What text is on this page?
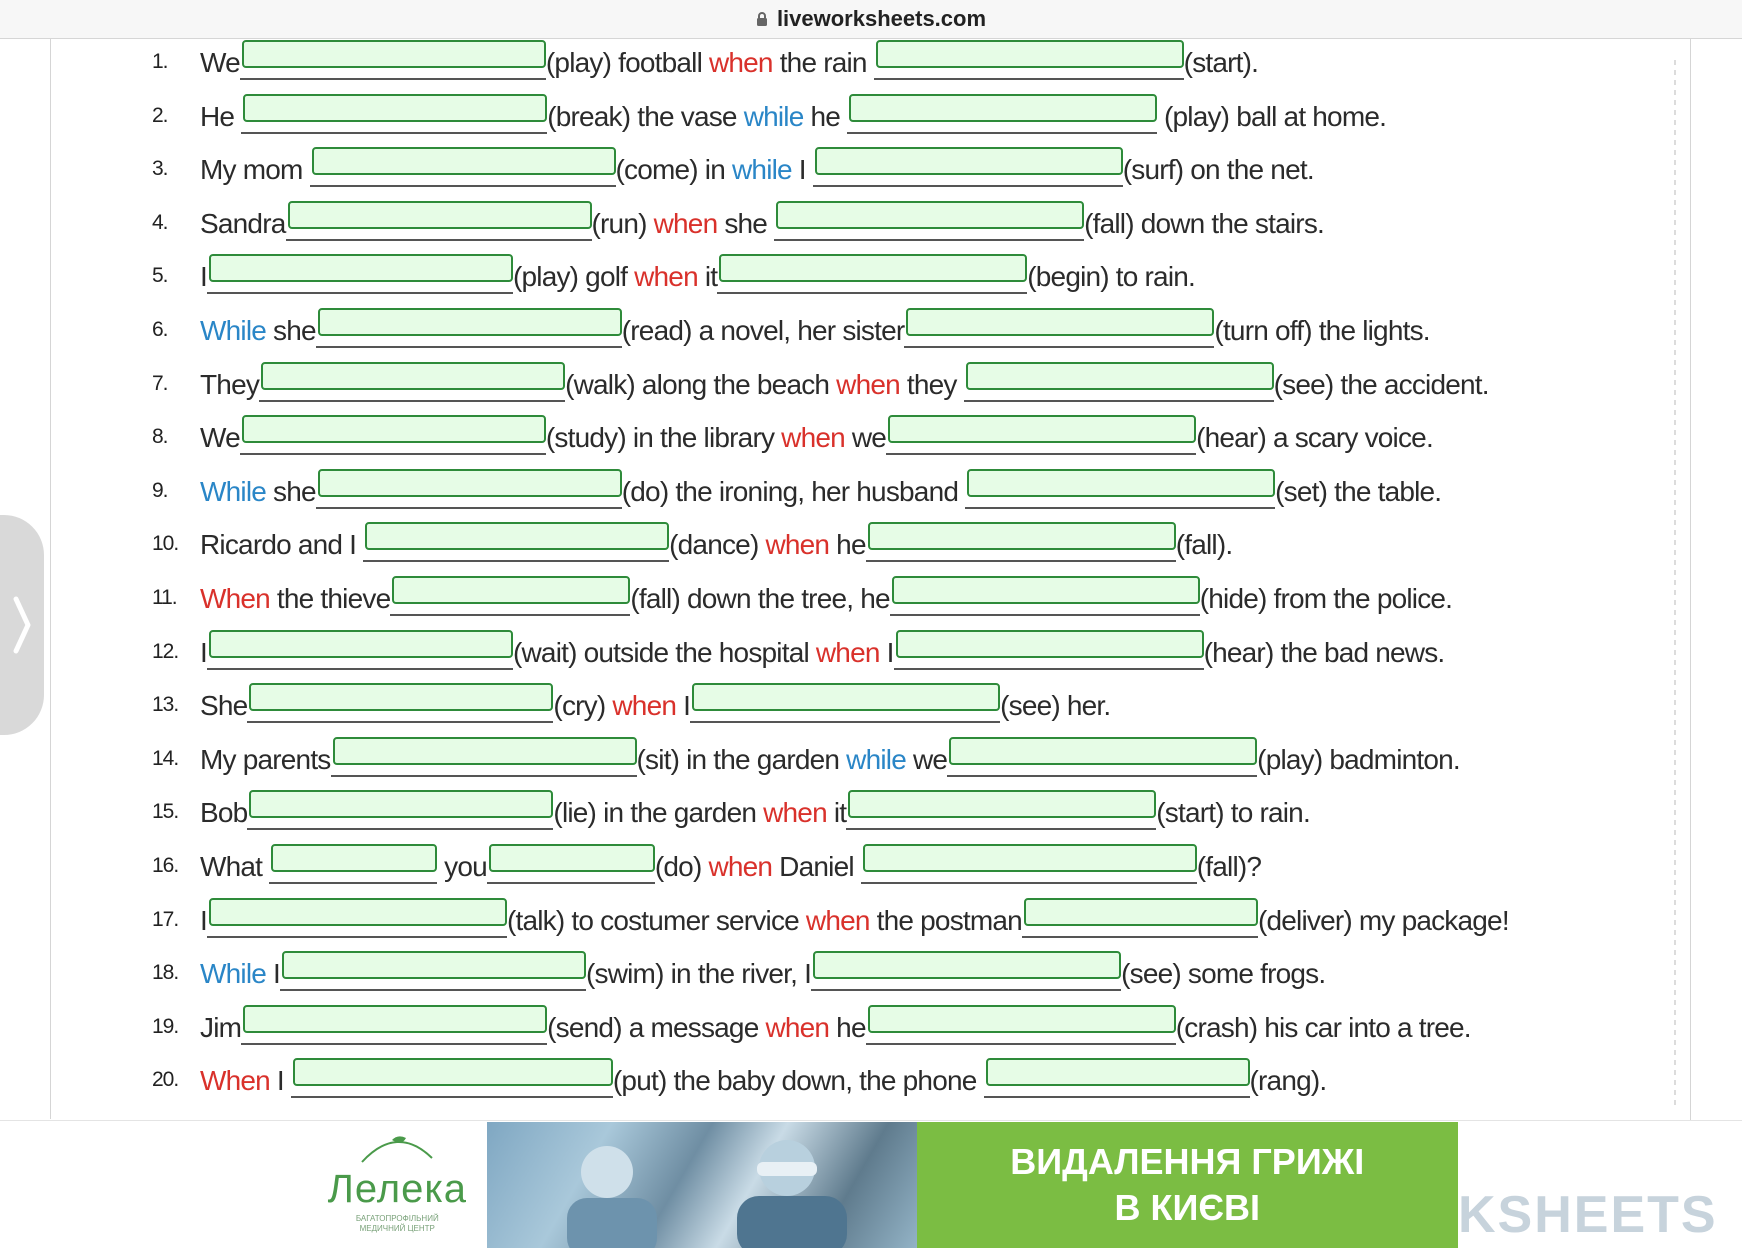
liveworksheets.com
1. We	(play) football when the rain	(start).
2. He	(break) the vase while he	(play) ball at home.
3. My mom	(come) in while I	(surf) on the net.
4. Sandra	(run) when she	(fall) down the stairs.
5. I	(play) golf when it	(begin) to rain.
6. While she	(read) a novel, her sister	(turn off) the lights.
7. They	(walk) along the beach when they	(see) the accident.
8. We	(study) in the library when we	(hear) a scary voice.
9. While she	(do) the ironing, her husband	(set) the table.
10. Ricardo and I	(dance) when he	(fall).
11. When the thieve	(fall) down the tree, he	(hide) from the police.
12. I	(wait) outside the hospital when I	(hear) the bad news.
13. She	(cry) when I	(see) her.
14. My parents	(sit) in the garden while we	(play) badminton.
15. Bob	(lie) in the garden when it	(start) to rain.
16. What	you	(do) when Daniel	(fall)?
17. I	(talk) to costumer service when the postman	(deliver) my package!
18. While I	(swim) in the river, I	(see) some frogs.
19. Jim	(send) a message when he	(crash) his car into a tree.
20. When I	(put) the baby down, the phone	(rang).
Лелека
БАГАТОПРОФІЛЬНИЙ
МЕДИЧНИЙ ЦЕНТР
ВИДАЛЕННЯ ГРИЖІ
В КИЄВІ	KSHEETS
